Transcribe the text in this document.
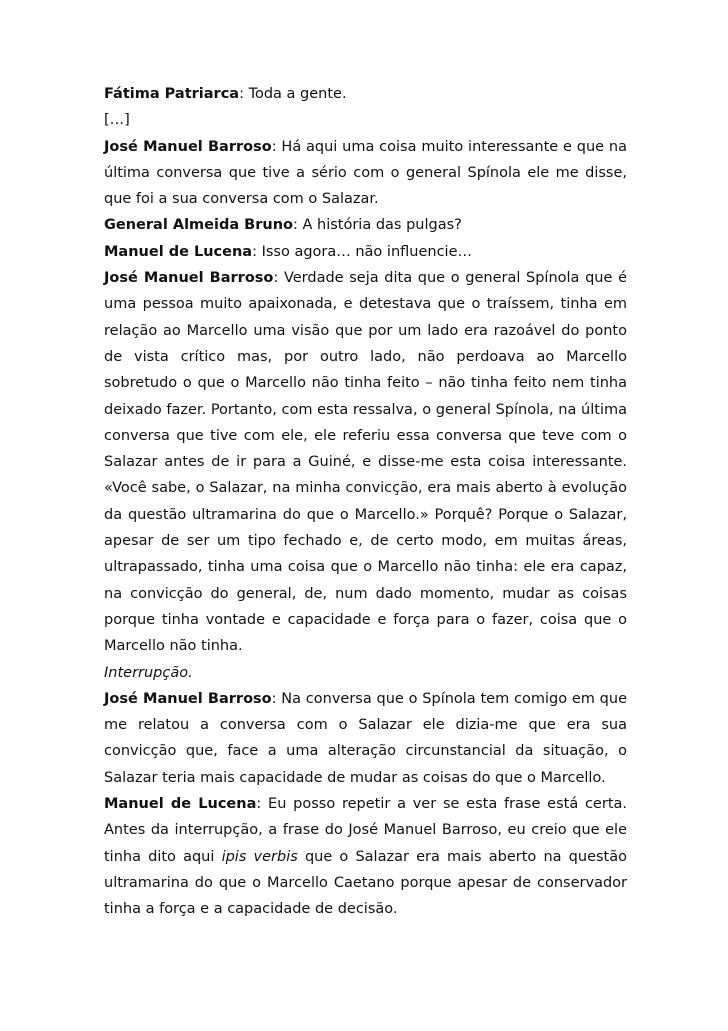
Fátima Patriarca: Toda a gente.

[…]

José Manuel Barroso: Há aqui uma coisa muito interessante e que na última conversa que tive a sério com o general Spínola ele me disse, que foi a sua conversa com o Salazar.

General Almeida Bruno: A história das pulgas?

Manuel de Lucena: Isso agora… não influencie…

José Manuel Barroso: Verdade seja dita que o general Spínola que é uma pessoa muito apaixonada, e detestava que o traíssem, tinha em relação ao Marcello uma visão que por um lado era razoável do ponto de vista crítico mas, por outro lado, não perdoava ao Marcello sobretudo o que o Marcello não tinha feito – não tinha feito nem tinha deixado fazer. Portanto, com esta ressalva, o general Spínola, na última conversa que tive com ele, ele referiu essa conversa que teve com o Salazar antes de ir para a Guiné, e disse-me esta coisa interessante. «Você sabe, o Salazar, na minha convicção, era mais aberto à evolução da questão ultramarina do que o Marcello.» Porquê? Porque o Salazar, apesar de ser um tipo fechado e, de certo modo, em muitas áreas, ultrapassado, tinha uma coisa que o Marcello não tinha: ele era capaz, na convicção do general, de, num dado momento, mudar as coisas porque tinha vontade e capacidade e força para o fazer, coisa que o Marcello não tinha.

Interrupção.

José Manuel Barroso: Na conversa que o Spínola tem comigo em que me relatou a conversa com o Salazar ele dizia-me que era sua convicção que, face a uma alteração circunstancial da situação, o Salazar teria mais capacidade de mudar as coisas do que o Marcello.

Manuel de Lucena: Eu posso repetir a ver se esta frase está certa. Antes da interrupção, a frase do José Manuel Barroso, eu creio que ele tinha dito aqui ipis verbis que o Salazar era mais aberto na questão ultramarina do que o Marcello Caetano porque apesar de conservador tinha a força e a capacidade de decisão.
